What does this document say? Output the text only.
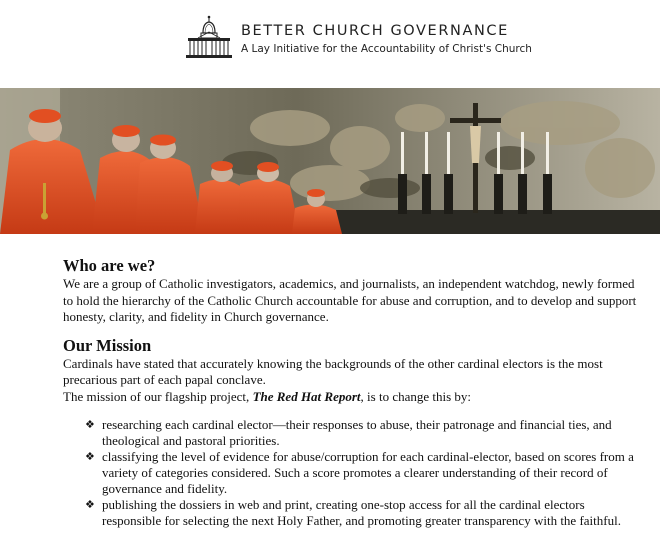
BETTER CHURCH GOVERNANCE
A Lay Initiative for the Accountability of Christ's Church
Who are we?

We are a group of Catholic investigators, academics, and journalists, an independent watchdog, newly formed to hold the hierarchy of the Catholic Church accountable for abuse and corruption, and to develop and support honesty, clarity, and fidelity in Church governance.

Our Mission

Cardinals have stated that accurately knowing the backgrounds of the other cardinal electors is the most precarious part of each papal conclave.

The mission of our flagship project, The Red Hat Report, is to change this by:

❖ researching each cardinal elector—their responses to abuse, their patronage and financial ties, and theological and pastoral priorities.
❖ classifying the level of evidence for abuse/corruption for each cardinal-elector, based on scores from a variety of categories considered. Such a score promotes a clearer understanding of their record of governance and fidelity.
❖ publishing the dossiers in web and print, creating one-stop access for all the cardinal electors responsible for selecting the next Holy Father, and promoting greater transparency with the faithful.
